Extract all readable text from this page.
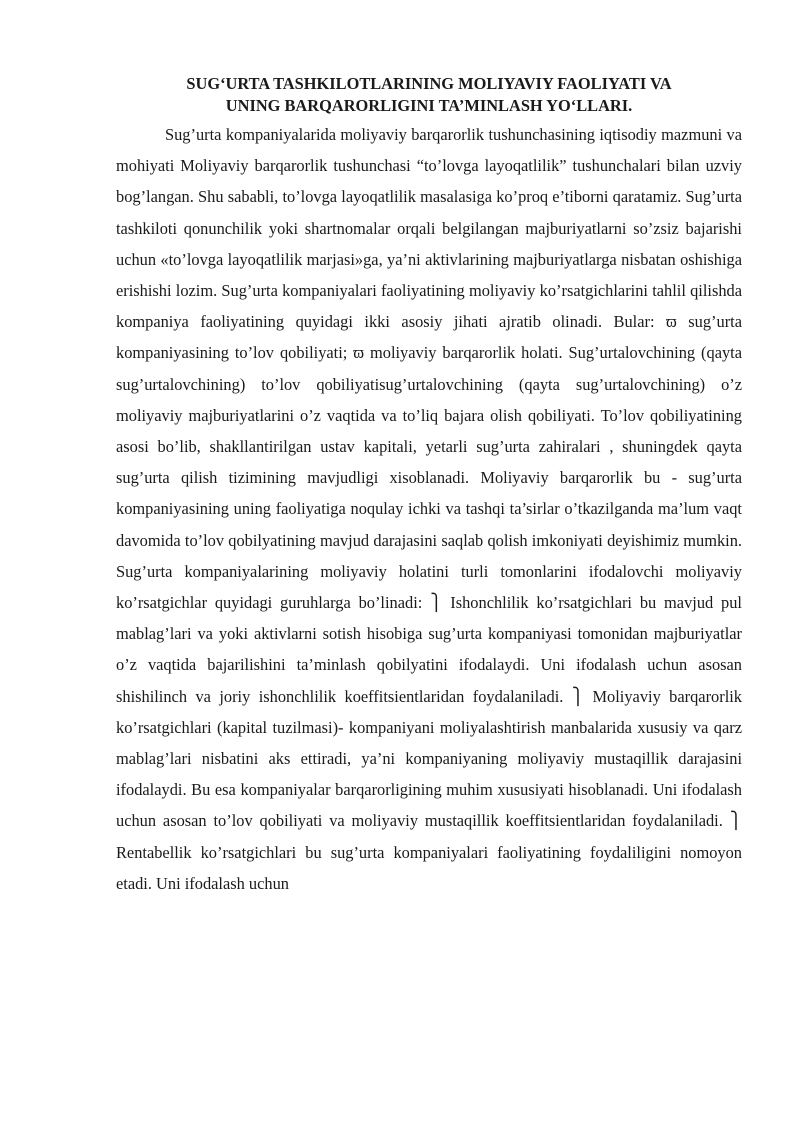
SUG‘URTA TASHKILOTLARINING MOLIYAVIY FAOLIYATI VA
UNING BARQARORLIGINI TA’MINLASH YO‘LLARI.

Sug’urta kompaniyalarida moliyaviy barqarorlik tushunchasining iqtisodiy mazmuni va mohiyati Moliyaviy barqarorlik tushunchasi “to’lovga layoqatlilik” tushunchalari bilan uzviy bog’langan. Shu sababli, to’lovga layoqatlilik masalasiga ko’proq e’tiborni qaratamiz. Sug’urta tashkiloti qonunchilik yoki shartnomalar orqali belgilangan majburiyatlarni so’zsiz bajarishi uchun «to’lovga layoqatlilik marjasi»ga, ya’ni aktivlarining majburiyatlarga nisbatan oshishiga erishishi lozim. Sug’urta kompaniyalari faoliyatining moliyaviy ko’rsatgichlarini tahlil qilishda kompaniya faoliyatining quyidagi ikki asosiy jihati ajratib olinadi. Bular: ϖ sug’urta kompaniyasining to’lov qobiliyati; ϖ moliyaviy barqarorlik holati. Sug’urtalovchining (qayta sug’urtalovchining) to’lov qobiliyatisug’urtalovchining (qayta sug’urtalovchining) o’z moliyaviy majburiyatlarini o’z vaqtida va to’liq bajara olish qobiliyati. To’lov qobiliyatining asosi bo’lib, shakllantirilgan ustav kapitali, yetarli sug’urta zahiralari , shuningdek qayta sug’urta qilish tizimining mavjudligi xisoblanadi. Moliyaviy barqarorlik bu - sug’urta kompaniyasining uning faoliyatiga noqulay ichki va tashqi ta’sirlar o’tkazilganda ma’lum vaqt davomida to’lov qobilyatining mavjud darajasini saqlab qolish imkoniyati deyishimiz mumkin. Sug’urta kompaniyalarining moliyaviy holatini turli tomonlarini ifodalovchi moliyaviy ko’rsatgichlar quyidagi guruhlarga bo’linadi: ⎫ Ishonchlilik ko’rsatgichlari bu mavjud pul mablag’lari va yoki aktivlarni sotish hisobiga sug’urta kompaniyasi tomonidan majburiyatlar o’z vaqtida bajarilishini ta’minlash qobilyatini ifodalaydi. Uni ifodalash uchun asosan shishilinch va joriy ishonchlilik koeffitsientlaridan foydalaniladi. ⎫ Moliyaviy barqarorlik ko’rsatgichlari (kapital tuzilmasi)- kompaniyani moliyalashtirish manbalarida xususiy va qarz mablag’lari nisbatini aks ettiradi, ya’ni kompaniyaning moliyaviy mustaqillik darajasini ifodalaydi. Bu esa kompaniyalar barqarorligining muhim xususiyati hisoblanadi. Uni ifodalash uchun asosan to’lov qobiliyati va moliyaviy mustaqillik koeffitsientlaridan foydalaniladi. ⎫ Rentabellik ko’rsatgichlari bu sug’urta kompaniyalari faoliyatining foydaliligini nomoyon etadi. Uni ifodalash uchun
